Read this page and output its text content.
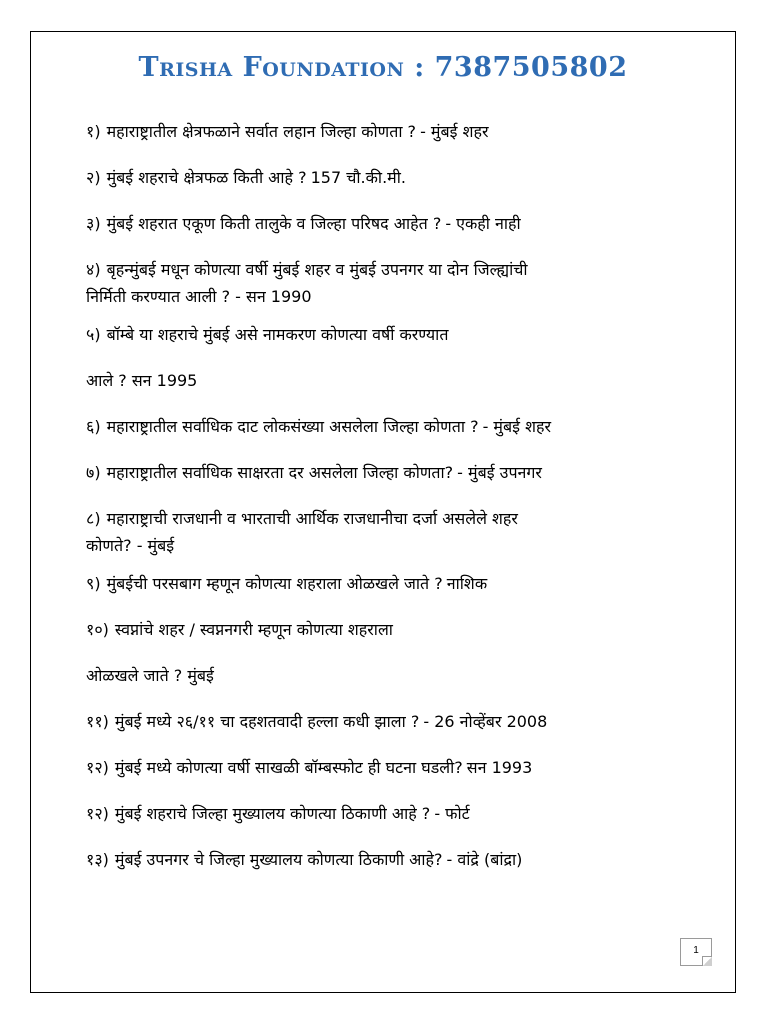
Trisha Foundation : 7387505802
१) महाराष्ट्रातील क्षेत्रफळाने सर्वात लहान जिल्हा कोणता ? - मुंबई शहर
२) मुंबई शहराचे क्षेत्रफळ किती आहे ? 157 चौ.की.मी.
३) मुंबई शहरात एकूण किती तालुके व जिल्हा परिषद आहेत ? - एकही नाही
४) बृहन्मुंबई मधून कोणत्या वर्षी मुंबई शहर व मुंबई उपनगर या दोन जिल्ह्यांची
निर्मिती करण्यात आली ? - सन 1990
५) बॉम्बे या शहराचे मुंबई असे नामकरण कोणत्या वर्षी करण्यात
आले ? सन 1995
६) महाराष्ट्रातील सर्वाधिक दाट लोकसंख्या असलेला जिल्हा कोणता ? - मुंबई शहर
७) महाराष्ट्रातील सर्वाधिक साक्षरता दर असलेला जिल्हा कोणता? - मुंबई उपनगर
८) महाराष्ट्राची राजधानी व भारताची आर्थिक राजधानीचा दर्जा असलेले शहर
कोणते? - मुंबई
९) मुंबईची परसबाग म्हणून कोणत्या शहराला ओळखले जाते ? नाशिक
१०) स्वप्नांचे शहर / स्वप्ननगरी म्हणून कोणत्या शहराला
ओळखले जाते ? मुंबई
११) मुंबई मध्ये २६/११ चा दहशतवादी हल्ला कधी झाला ? - 26 नोव्हेंबर 2008
१२) मुंबई मध्ये कोणत्या वर्षी साखळी बॉम्बस्फोट ही घटना घडली? सन 1993
१२) मुंबई शहराचे जिल्हा मुख्यालय कोणत्या ठिकाणी आहे ? - फोर्ट
१३) मुंबई उपनगर चे जिल्हा मुख्यालय कोणत्या ठिकाणी आहे? - वांद्रे (बांद्रा)
1
